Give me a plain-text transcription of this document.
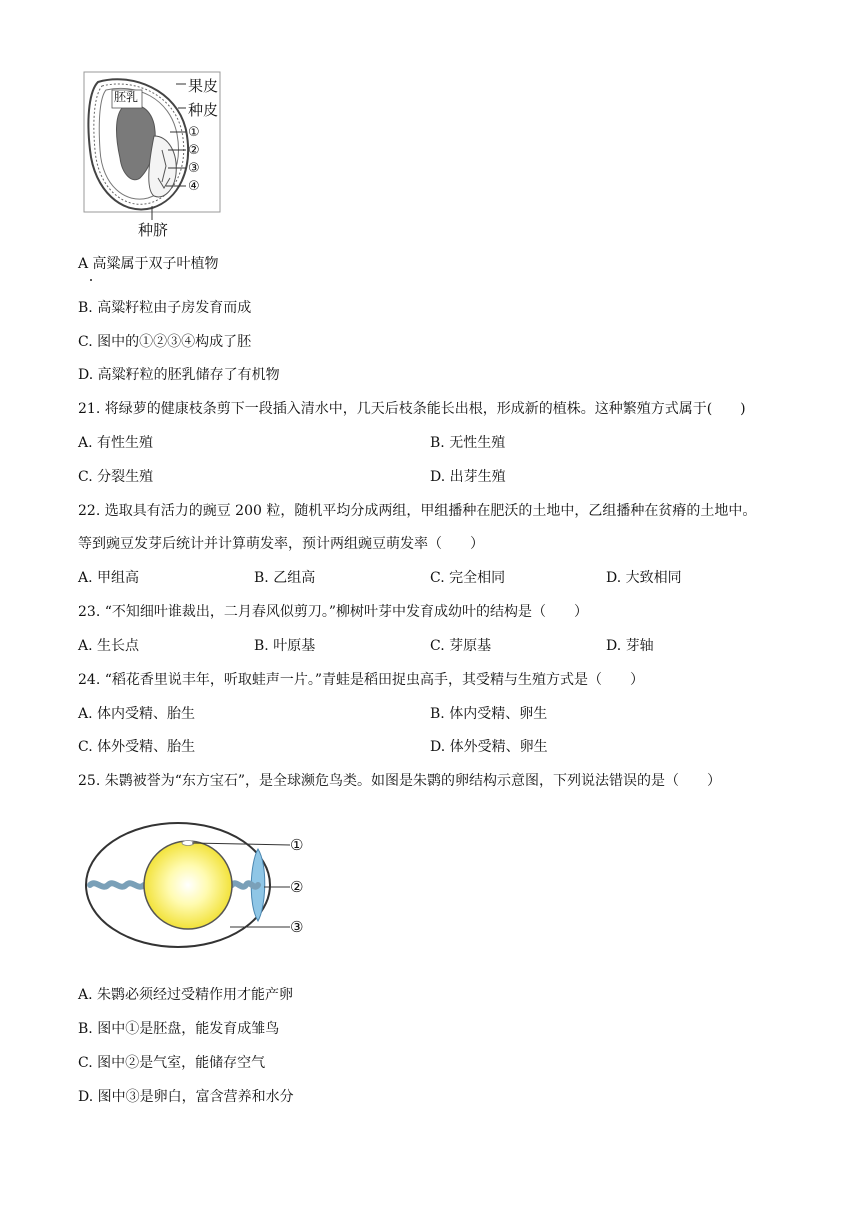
胚乳
果皮
种皮
①
②
③
④
种脐
A 高粱属于双子叶植物
B. 高粱籽粒由子房发育而成
C. 图中的①②③④构成了胚
D. 高粱籽粒的胚乳储存了有机物
21. 将绿萝的健康枝条剪下一段插入清水中，几天后枝条能长出根，形成新的植株。这种繁殖方式属于(　　)
A. 有性生殖	B. 无性生殖
C. 分裂生殖	D. 出芽生殖
22. 选取具有活力的豌豆 200 粒，随机平均分成两组，甲组播种在肥沃的土地中，乙组播种在贫瘠的土地中。
等到豌豆发芽后统计并计算萌发率，预计两组豌豆萌发率（　　）
A. 甲组高	B. 乙组高	C. 完全相同	D. 大致相同
23. “不知细叶谁裁出，二月春风似剪刀。”柳树叶芽中发育成幼叶的结构是（　　）
A. 生长点	B. 叶原基	C. 芽原基	D. 芽轴
24. “稻花香里说丰年，听取蛙声一片。”青蛙是稻田捉虫高手，其受精与生殖方式是（　　）
A. 体内受精、胎生	B. 体内受精、卵生
C. 体外受精、胎生	D. 体外受精、卵生
25. 朱鹮被誉为“东方宝石”，是全球濒危鸟类。如图是朱鹮的卵结构示意图，下列说法错误的是（　　）
①
②
③
A. 朱鹮必须经过受精作用才能产卵
B. 图中①是胚盘，能发育成雏鸟
C. 图中②是气室，能储存空气
D. 图中③是卵白，富含营养和水分
